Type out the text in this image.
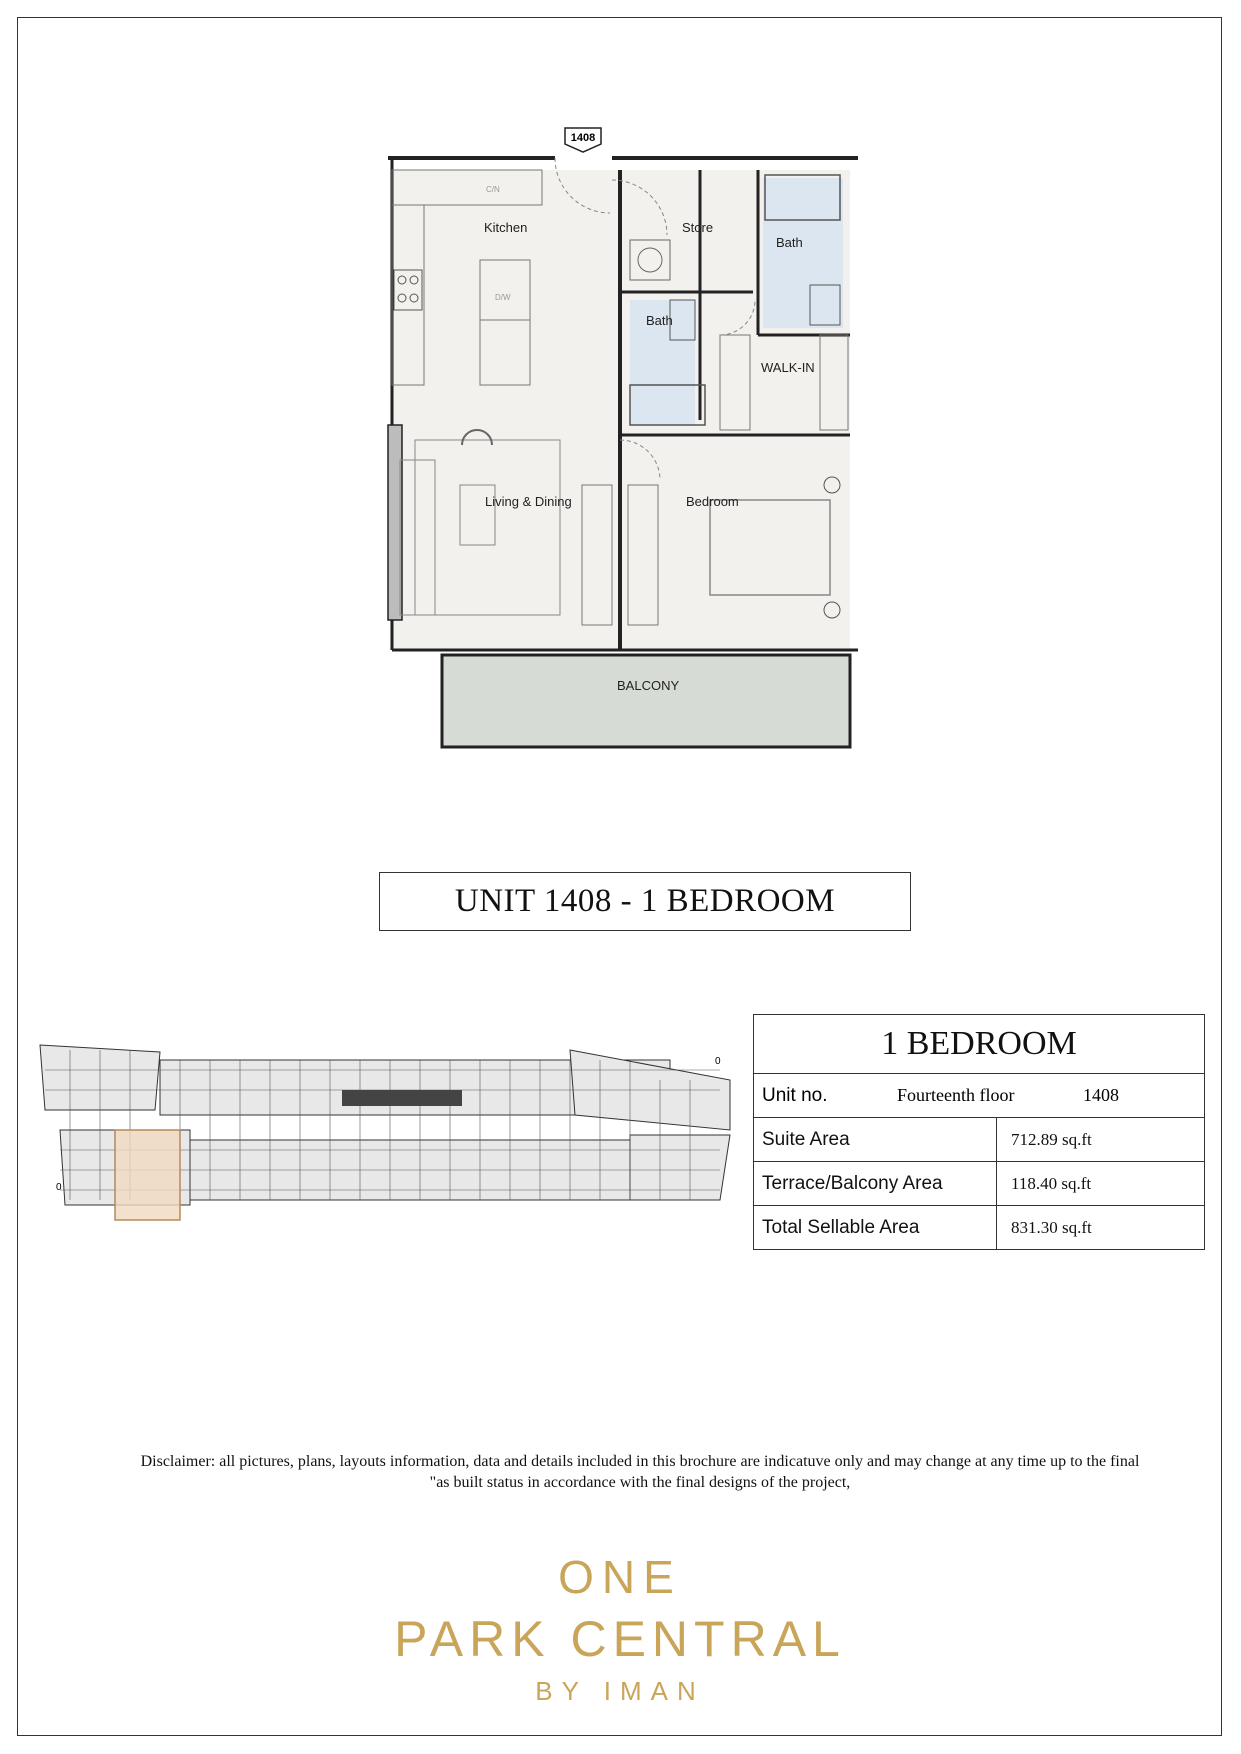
1408
C/N
D/W
Kitchen	Store
Bath
Bath
WALK-IN
Living & Dining	Bedroom
BALCONY
UNIT 1408 - 1 BEDROOM
0
0	1 BEDROOM	

Unit no. Fourteenth floor 1408	

Suite Area	712.89 sq.ft
Terrace/Balcony Area	118.40 sq.ft
Total Sellable Area	831.30 sq.ft
Disclaimer: all pictures, plans, layouts information, data and details included in this brochure are indicatuve only and may change at any time up to the final
"as built status in accordance with the final designs of the project,
ONE
PARK CENTRAL
BY IMAN
